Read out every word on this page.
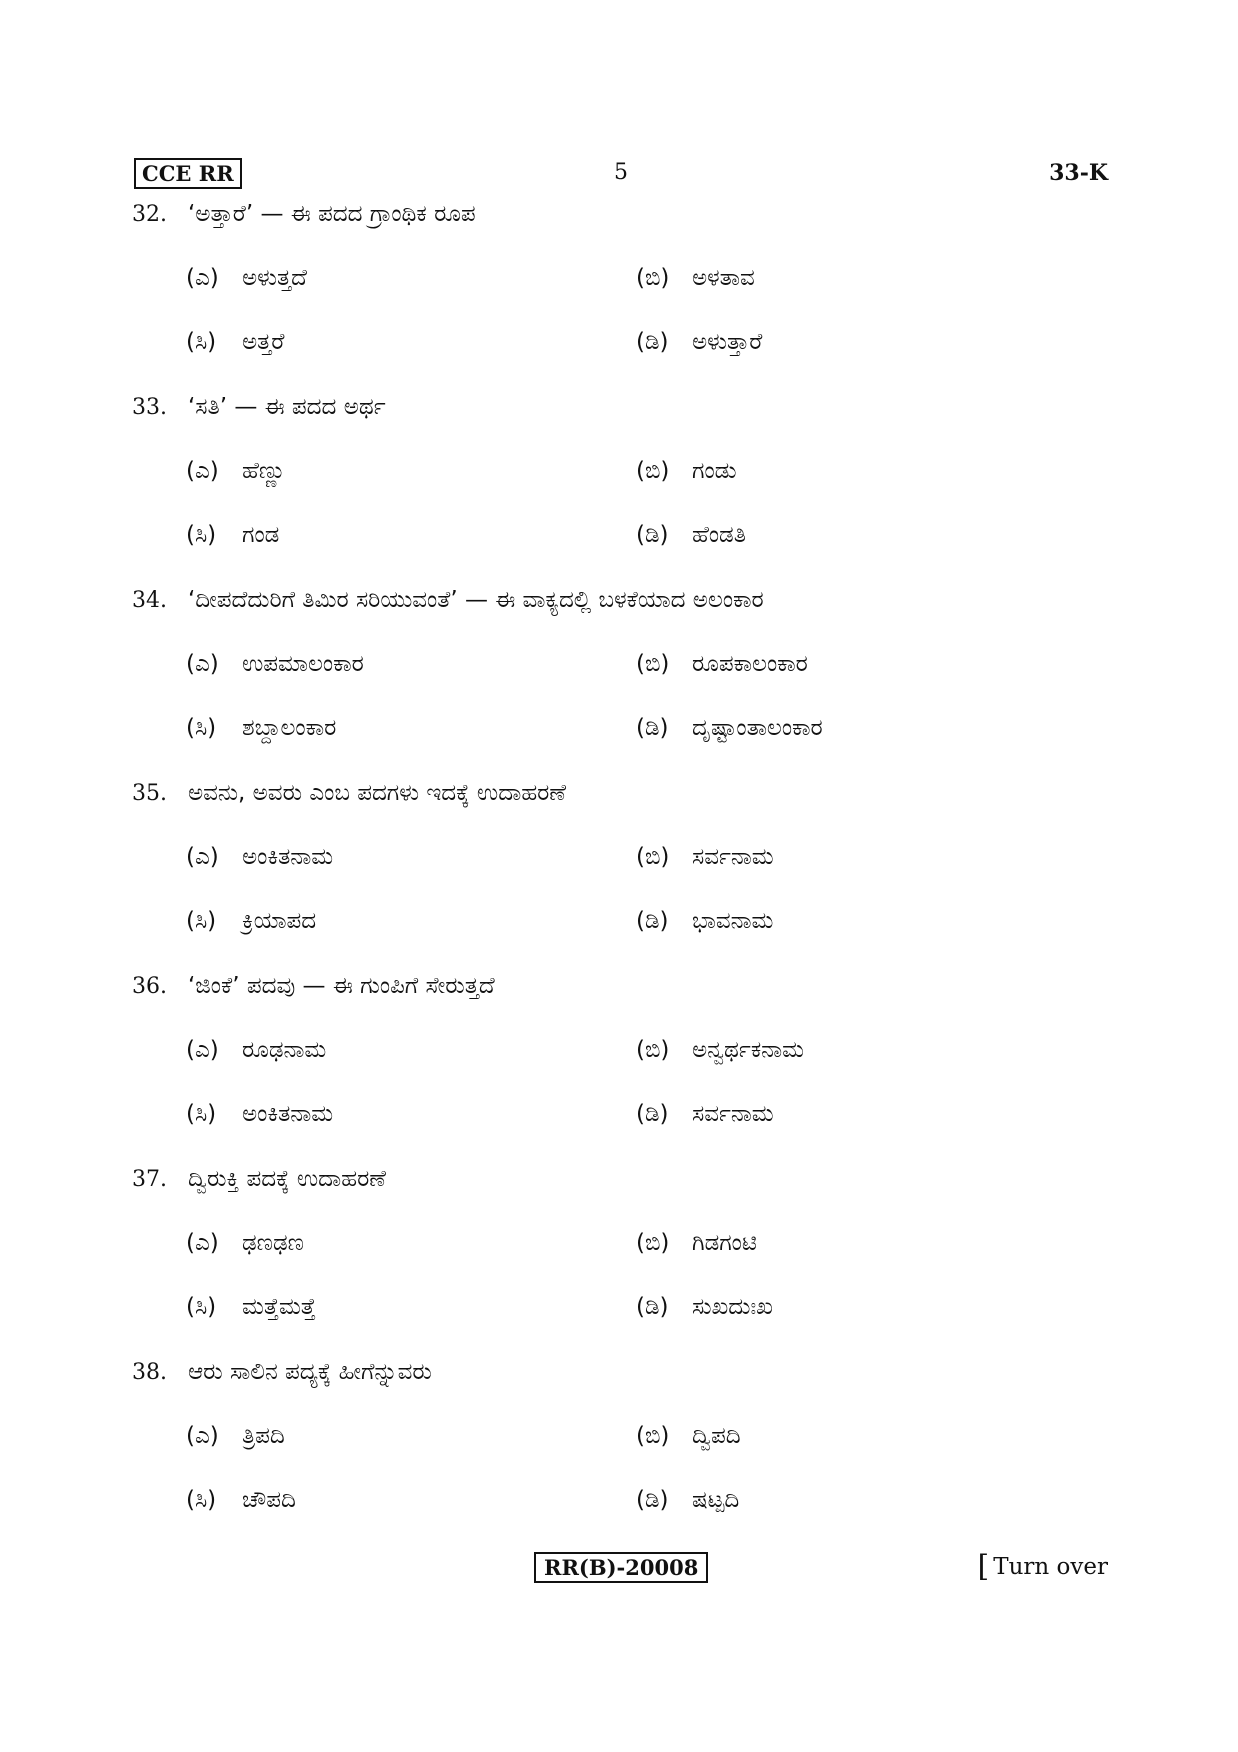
CCE RR	5	33-K
32. ‘ಅತ್ತಾರೆ’ — ಈ ಪದದ ಗ್ರಾಂಥಿಕ ರೂಪ
(ಎ) ಅಳುತ್ತದೆ	(ಬಿ) ಅಳತಾವ
(ಸಿ) ಅತ್ತರೆ	(ಡಿ) ಅಳುತ್ತಾರೆ
33. ‘ಸತಿ’ — ಈ ಪದದ ಅರ್ಥ
(ಎ) ಹೆಣ್ಣು	(ಬಿ) ಗಂಡು
(ಸಿ) ಗಂಡ	(ಡಿ) ಹೆಂಡತಿ
34. ‘ದೀಪದೆದುರಿಗೆ ತಿಮಿರ ಸರಿಯುವಂತೆ’ — ಈ ವಾಕ್ಯದಲ್ಲಿ ಬಳಕೆಯಾದ ಅಲಂಕಾರ
(ಎ) ಉಪಮಾಲಂಕಾರ	(ಬಿ) ರೂಪಕಾಲಂಕಾರ
(ಸಿ) ಶಬ್ದಾಲಂಕಾರ	(ಡಿ) ದೃಷ್ಟಾಂತಾಲಂಕಾರ
35. ಅವನು, ಅವರು ಎಂಬ ಪದಗಳು ಇದಕ್ಕೆ ಉದಾಹರಣೆ
(ಎ) ಅಂಕಿತನಾಮ	(ಬಿ) ಸರ್ವನಾಮ
(ಸಿ) ಕ್ರಿಯಾಪದ	(ಡಿ) ಭಾವನಾಮ
36. ‘ಜಿಂಕೆ’ ಪದವು — ಈ ಗುಂಪಿಗೆ ಸೇರುತ್ತದೆ
(ಎ) ರೂಢನಾಮ	(ಬಿ) ಅನ್ವರ್ಥಕನಾಮ
(ಸಿ) ಅಂಕಿತನಾಮ	(ಡಿ) ಸರ್ವನಾಮ
37. ದ್ವಿರುಕ್ತಿ ಪದಕ್ಕೆ ಉದಾಹರಣೆ
(ಎ) ಢಣಢಣ	(ಬಿ) ಗಿಡಗಂಟಿ
(ಸಿ) ಮತ್ತೆಮತ್ತೆ	(ಡಿ) ಸುಖದುಃಖ
38. ಆರು ಸಾಲಿನ ಪದ್ಯಕ್ಕೆ ಹೀಗೆನ್ನುವರು
(ಎ) ತ್ರಿಪದಿ	(ಬಿ) ದ್ವಿಪದಿ
(ಸಿ) ಚೌಪದಿ	(ಡಿ) ಷಟ್ಪದಿ
RR(B)-20008	[ Turn over
